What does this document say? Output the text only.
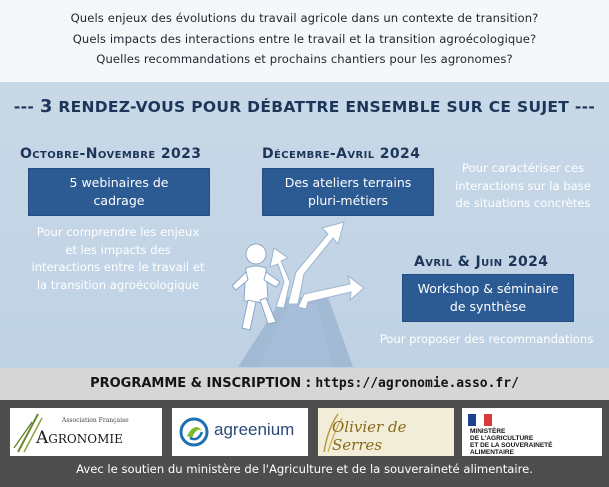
Quels enjeux des évolutions du travail agricole dans un contexte de transition?

Quels impacts des interactions entre le travail et la transition agroécologique?

Quelles recommandations et prochains chantiers pour les agronomes?

--- 3 RENDEZ-VOUS POUR DÉBATTRE ENSEMBLE SUR CE SUJET ---
Octobre-Novembre 2023
5 webinaires de
cadrage
Pour comprendre les enjeux
et les impacts des
interactions entre le travail et
la transition agroécologique
Décembre-Avril 2024
Des ateliers terrains
pluri-métiers
Pour caractériser ces
interactions sur la base
de situations concrètes
Avril & Juin 2024
Workshop & séminaire
de synthèse
Pour proposer des recommandations
PROGRAMME & INSCRIPTION : https://agronomie.asso.fr/
Association Française
Agronomie	agreenium	Olivier de Serres
MINISTÈRE
DE L'AGRICULTURE
ET DE LA SOUVERAINETÉ
ALIMENTAIRE
Avec le soutien du ministère de l'Agriculture et de la souveraineté alimentaire.
